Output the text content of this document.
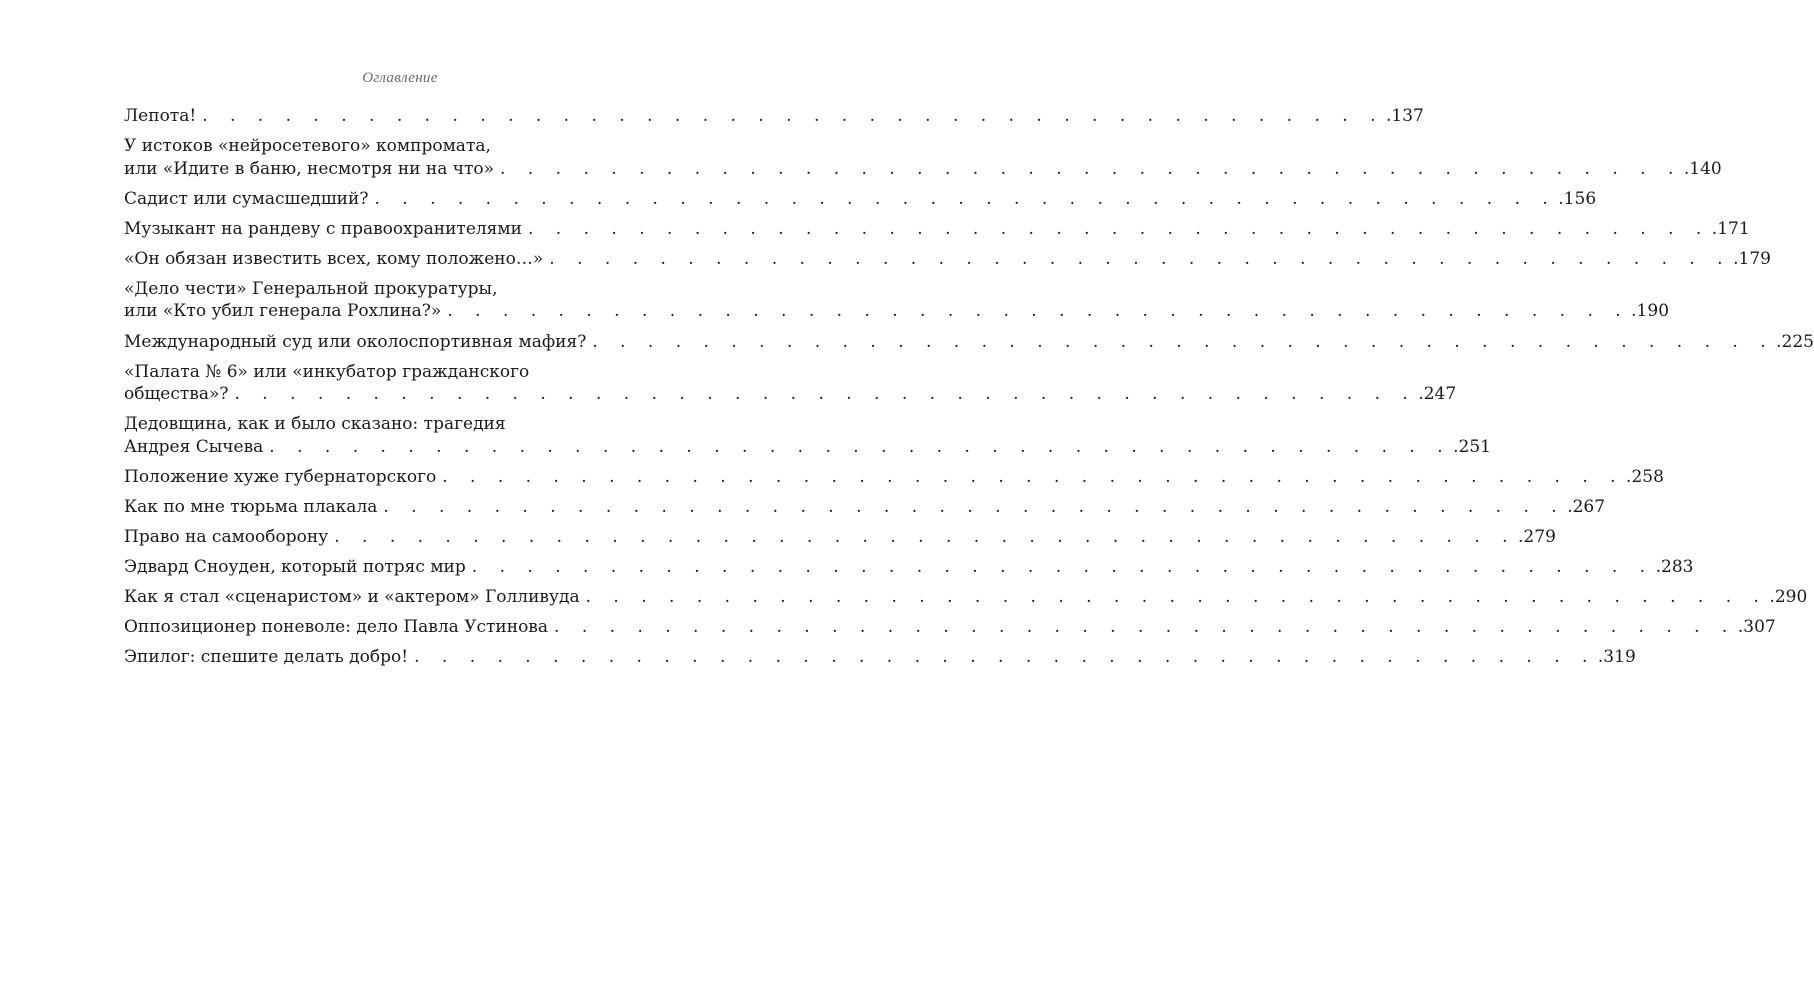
Оглавление
Лепота! . . . . . . . . . . . . . . . . . . . . . . . . . . . . . . . . . . . . . . . . . . . .137
У истоков «нейросетевого» компромата,
или «Идите в баню, несмотря ни на что» . . . . . . . . . . . . . . . . . . . . . . . . . . . . . . . . . . . . . . . . . . . .140
Садист или сумасшедший? . . . . . . . . . . . . . . . . . . . . . . . . . . . . . . . . . . . . . . . . . . . .156
Музыкант на рандеву с правоохранителями . . . . . . . . . . . . . . . . . . . . . . . . . . . . . . . . . . . . . . . . . . . .171
«Он обязан известить всех, кому положено…» . . . . . . . . . . . . . . . . . . . . . . . . . . . . . . . . . . . . . . . . . . . .179
«Дело чести» Генеральной прокуратуры,
или «Кто убил генерала Рохлина?» . . . . . . . . . . . . . . . . . . . . . . . . . . . . . . . . . . . . . . . . . . . .190
Международный суд или околоспортивная мафия? . . . . . . . . . . . . . . . . . . . . . . . . . . . . . . . . . . . . . . . . . . . .225
«Палата № 6» или «инкубатор гражданского
общества»? . . . . . . . . . . . . . . . . . . . . . . . . . . . . . . . . . . . . . . . . . . . .247
Дедовщина, как и было сказано: трагедия
Андрея Сычева . . . . . . . . . . . . . . . . . . . . . . . . . . . . . . . . . . . . . . . . . . . .251
Положение хуже губернаторского . . . . . . . . . . . . . . . . . . . . . . . . . . . . . . . . . . . . . . . . . . . .258
Как по мне тюрьма плакала . . . . . . . . . . . . . . . . . . . . . . . . . . . . . . . . . . . . . . . . . . . .267
Право на самооборону . . . . . . . . . . . . . . . . . . . . . . . . . . . . . . . . . . . . . . . . . . . .279
Эдвард Сноуден, который потряс мир . . . . . . . . . . . . . . . . . . . . . . . . . . . . . . . . . . . . . . . . . . . .283
Как я стал «сценаристом» и «актером» Голливуда . . . . . . . . . . . . . . . . . . . . . . . . . . . . . . . . . . . . . . . . . . . .290
Оппозиционер поневоле: дело Павла Устинова . . . . . . . . . . . . . . . . . . . . . . . . . . . . . . . . . . . . . . . . . . . .307
Эпилог: спешите делать добро! . . . . . . . . . . . . . . . . . . . . . . . . . . . . . . . . . . . . . . . . . . . .319
